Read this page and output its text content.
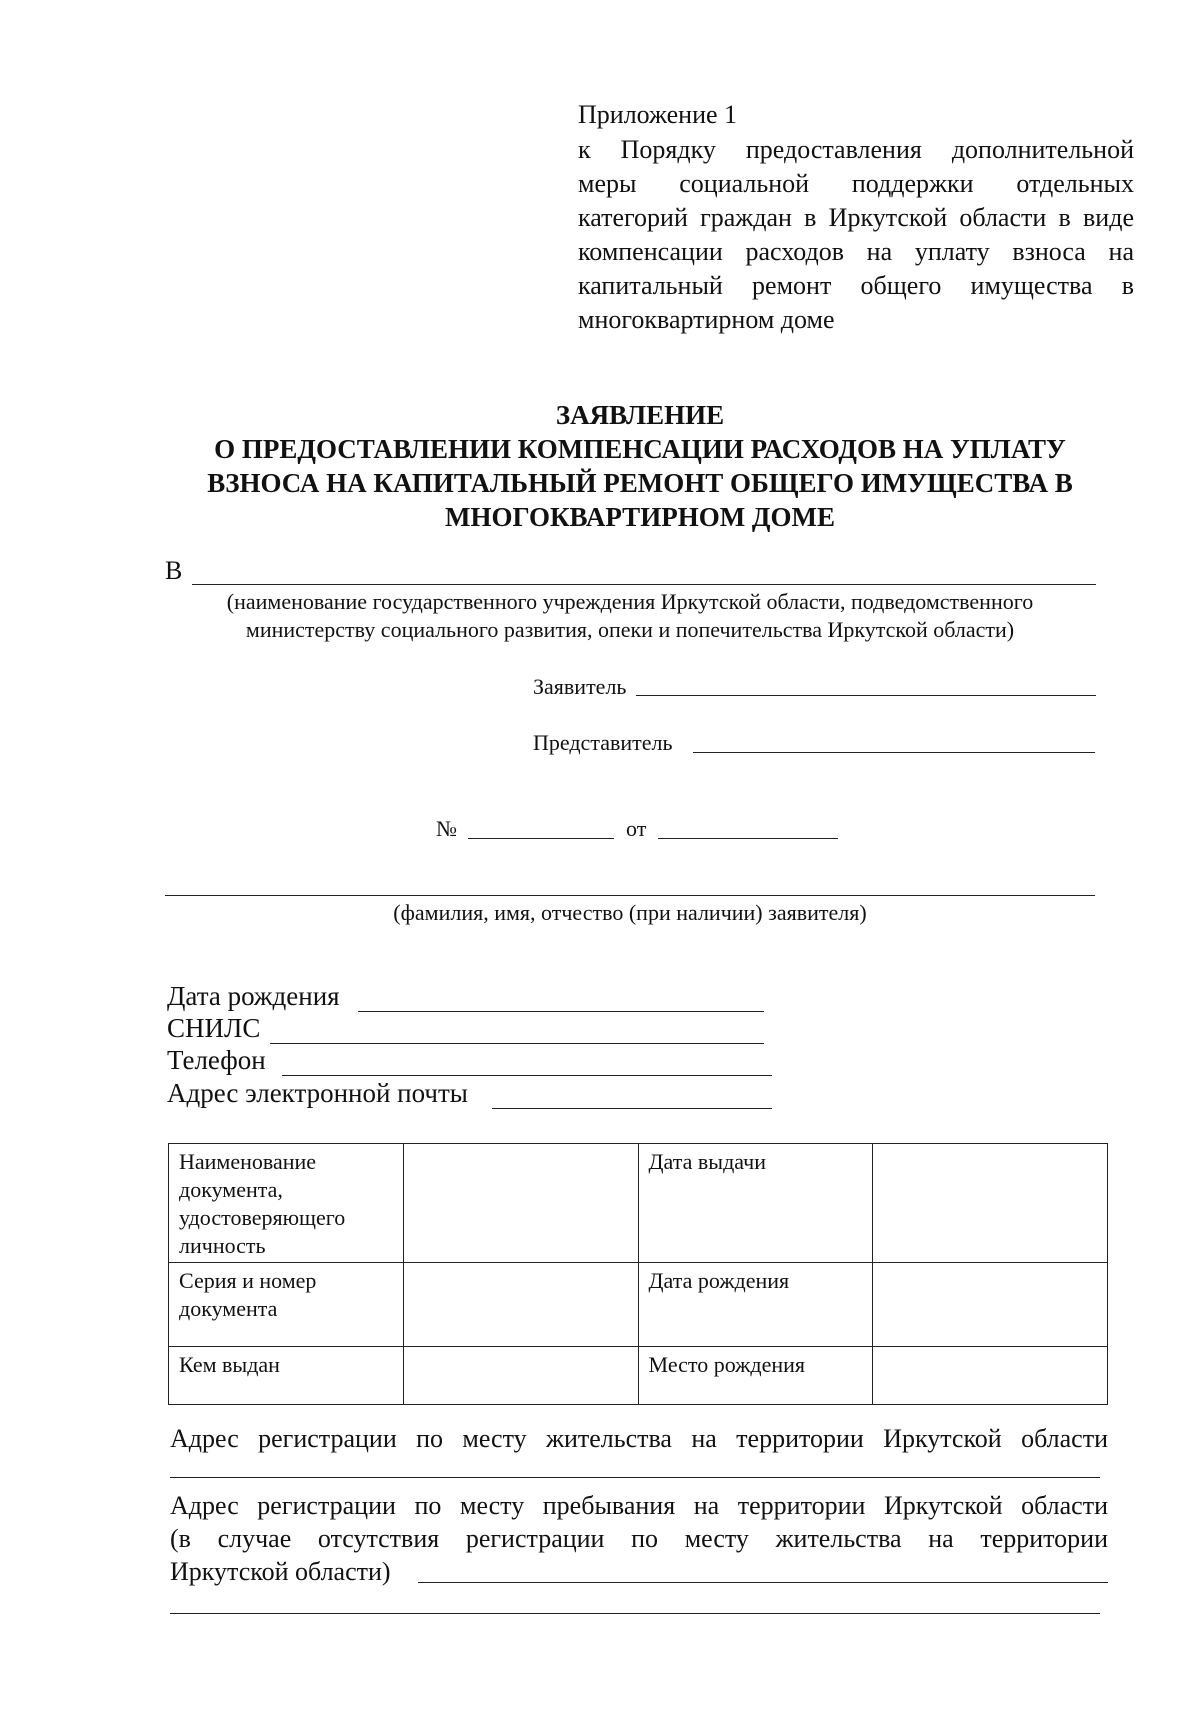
Приложение 1
к Порядку предоставления дополнительной
меры социальной поддержки отдельных
категорий граждан в Иркутской области в виде
компенсации расходов на уплату взноса на
капитальный ремонт общего имущества в
многоквартирном доме
ЗАЯВЛЕНИЕ
О ПРЕДОСТАВЛЕНИИ КОМПЕНСАЦИИ РАСХОДОВ НА УПЛАТУ
ВЗНОСА НА КАПИТАЛЬНЫЙ РЕМОНТ ОБЩЕГО ИМУЩЕСТВА В
МНОГОКВАРТИРНОМ ДОМЕ
В
(наименование государственного учреждения Иркутской области, подведомственного
министерству социального развития, опеки и попечительства Иркутской области)
Заявитель
Представитель
№	от
(фамилия, имя, отчество (при наличии) заявителя)
Дата рождения
СНИЛС
Телефон
Адрес электронной почты
Наименование документа, удостоверяющего личность		Дата выдачи	
Серия и номер документа		Дата рождения	
Кем выдан		Место рождения	
Адрес регистрации по месту жительства на территории Иркутской области
Адрес регистрации по месту пребывания на территории Иркутской области
(в случае отсутствия регистрации по месту жительства на территории
Иркутской области)
